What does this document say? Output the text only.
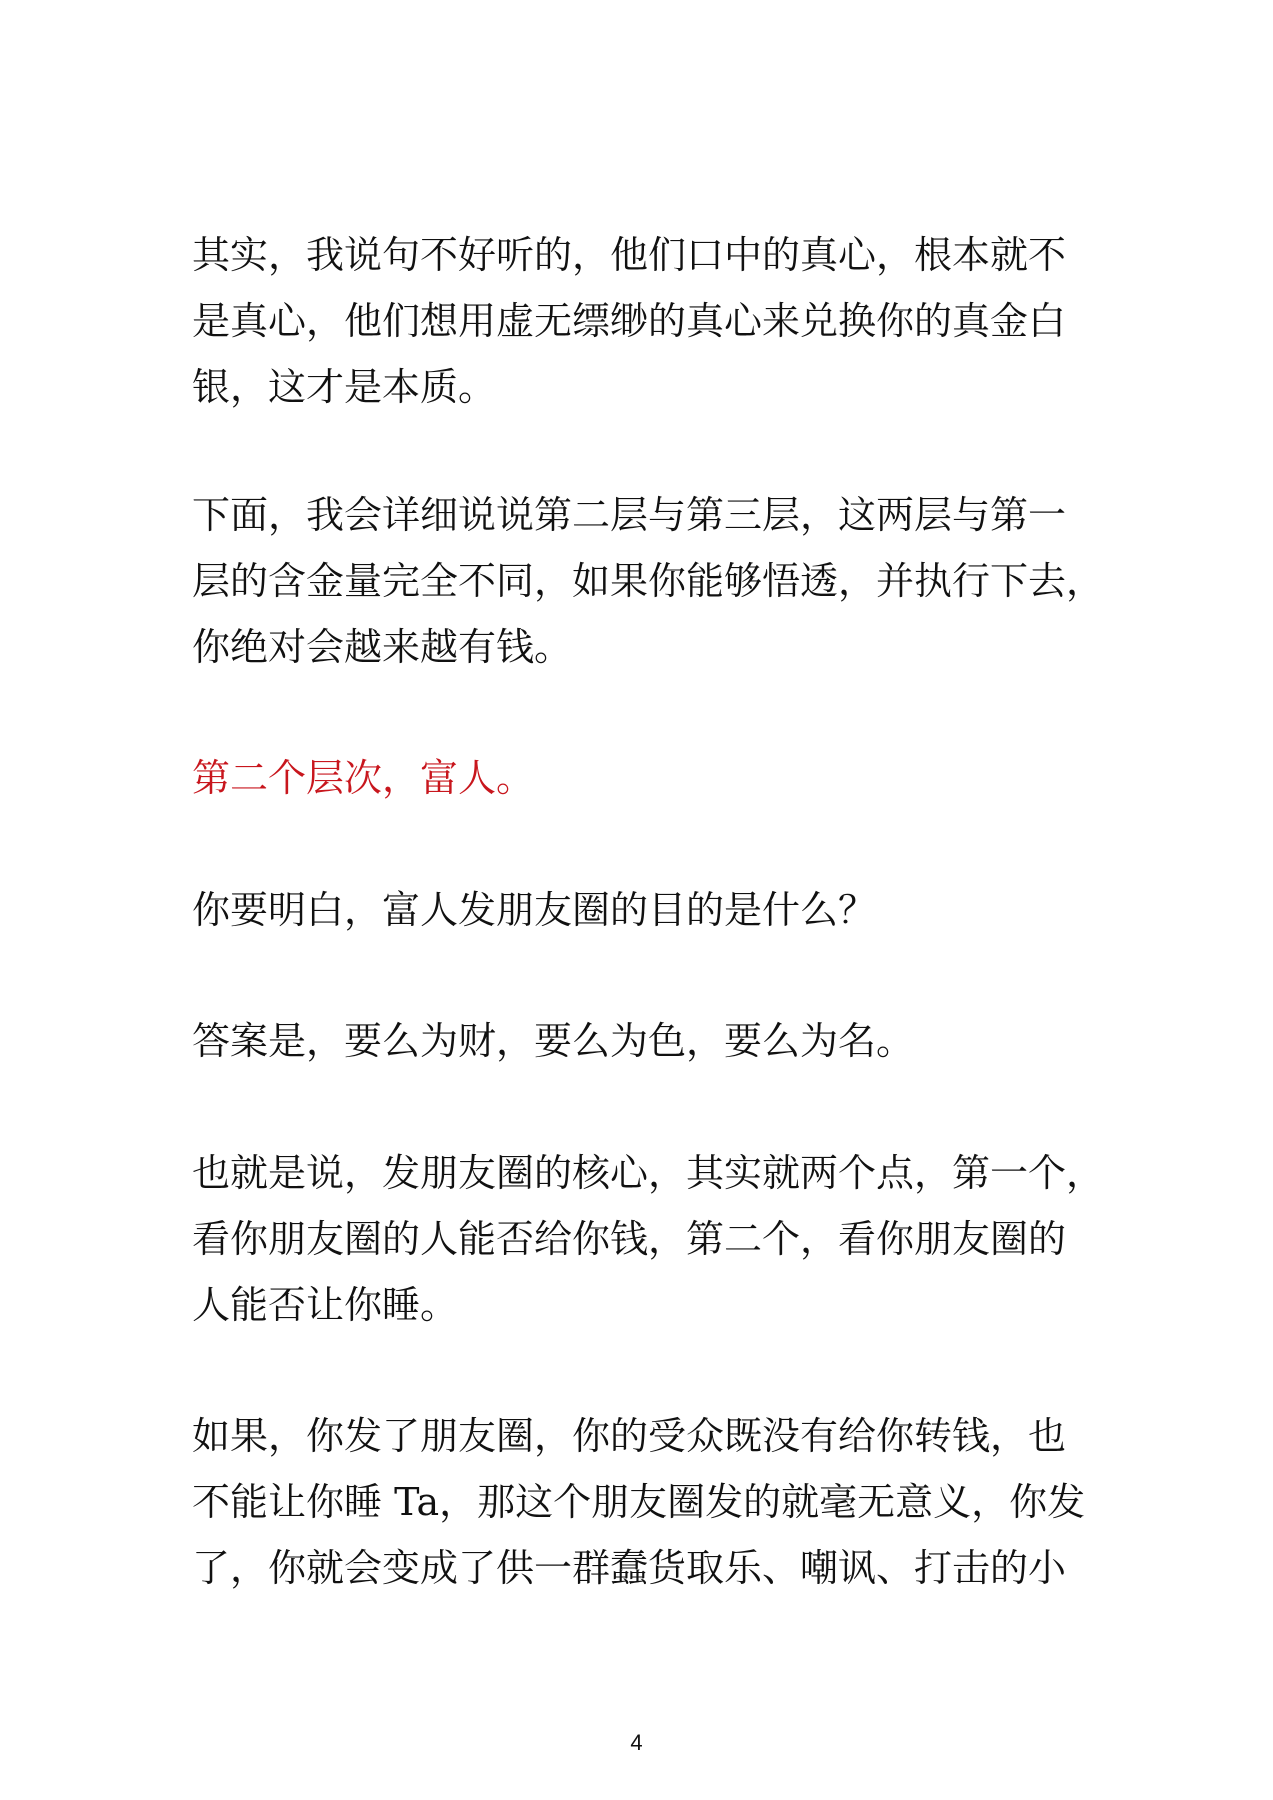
其实，我说句不好听的，他们口中的真心，根本就不
是真心，他们想用虚无缥缈的真心来兑换你的真金白
银，这才是本质。

下面，我会详细说说第二层与第三层，这两层与第一
层的含金量完全不同，如果你能够悟透，并执行下去，
你绝对会越来越有钱。

第二个层次，富人。

你要明白，富人发朋友圈的目的是什么？

答案是，要么为财，要么为色，要么为名。

也就是说，发朋友圈的核心，其实就两个点，第一个，
看你朋友圈的人能否给你钱，第二个，看你朋友圈的
人能否让你睡。

如果，你发了朋友圈，你的受众既没有给你转钱，也
不能让你睡 Ta，那这个朋友圈发的就毫无意义，你发
了，你就会变成了供一群蠢货取乐、嘲讽、打击的小

4
